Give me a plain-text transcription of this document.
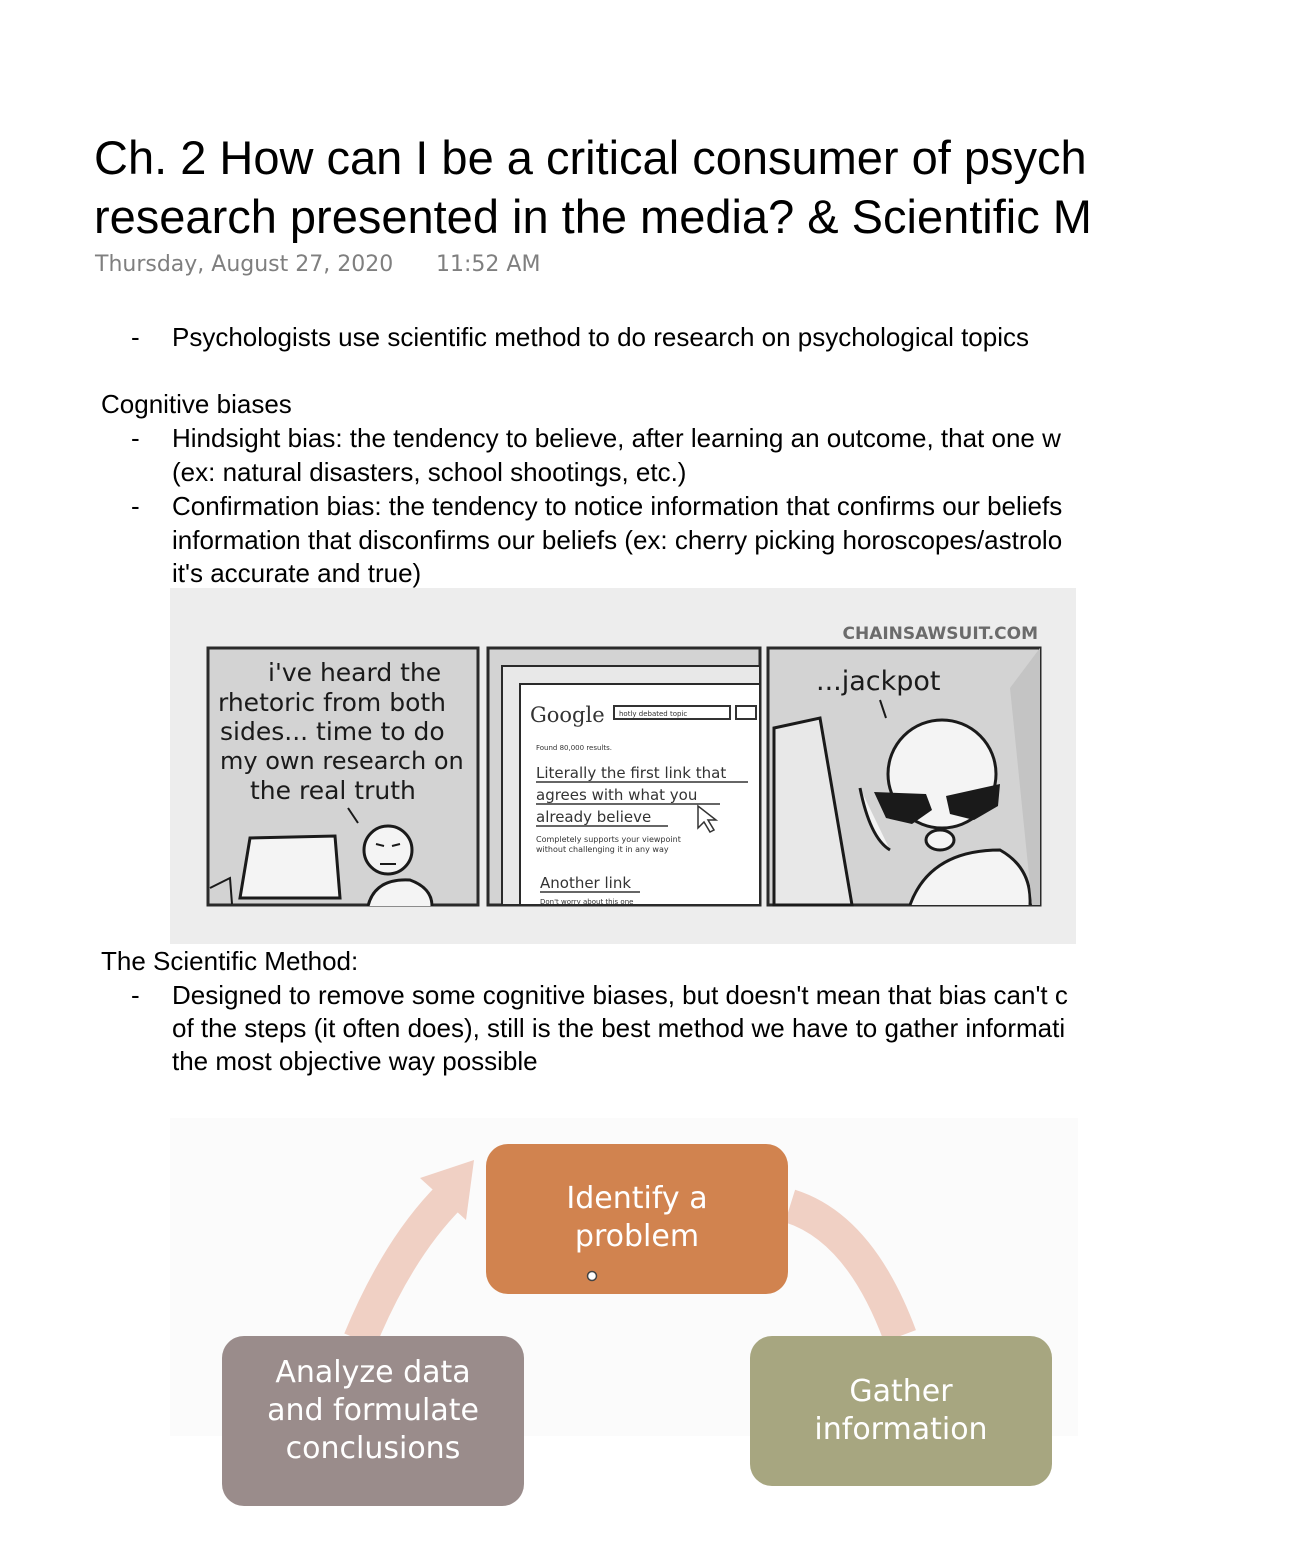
Ch. 2 How can I be a critical consumer of psych
research presented in the media? & Scientific M
Thursday, August 27, 2020 11:52 AM
- Psychologists use scientific method to do research on psychological topics
Cognitive biases
- Hindsight bias: the tendency to believe, after learning an outcome, that one w
(ex: natural disasters, school shootings, etc.)
- Confirmation bias: the tendency to notice information that confirms our beliefs
information that disconfirms our beliefs (ex: cherry picking horoscopes/astrolo
it's accurate and true)
CHAINSAWSUIT.COM
i've heard the
rhetoric from both
sides... time to do
my own research on
the real truth
Google hotly debated topic
Found 80,000 results.
Literally the first link that
agrees with what you
already believe
Completely supports your viewpoint
without challenging it in any way
Another link
Don't worry about this one
...jackpot
The Scientific Method:
- Designed to remove some cognitive biases, but doesn't mean that bias can't c
of the steps (it often does), still is the best method we have to gather informati
the most objective way possible
Identify a
problem
Gather
information
Analyze data
and formulate
conclusions
